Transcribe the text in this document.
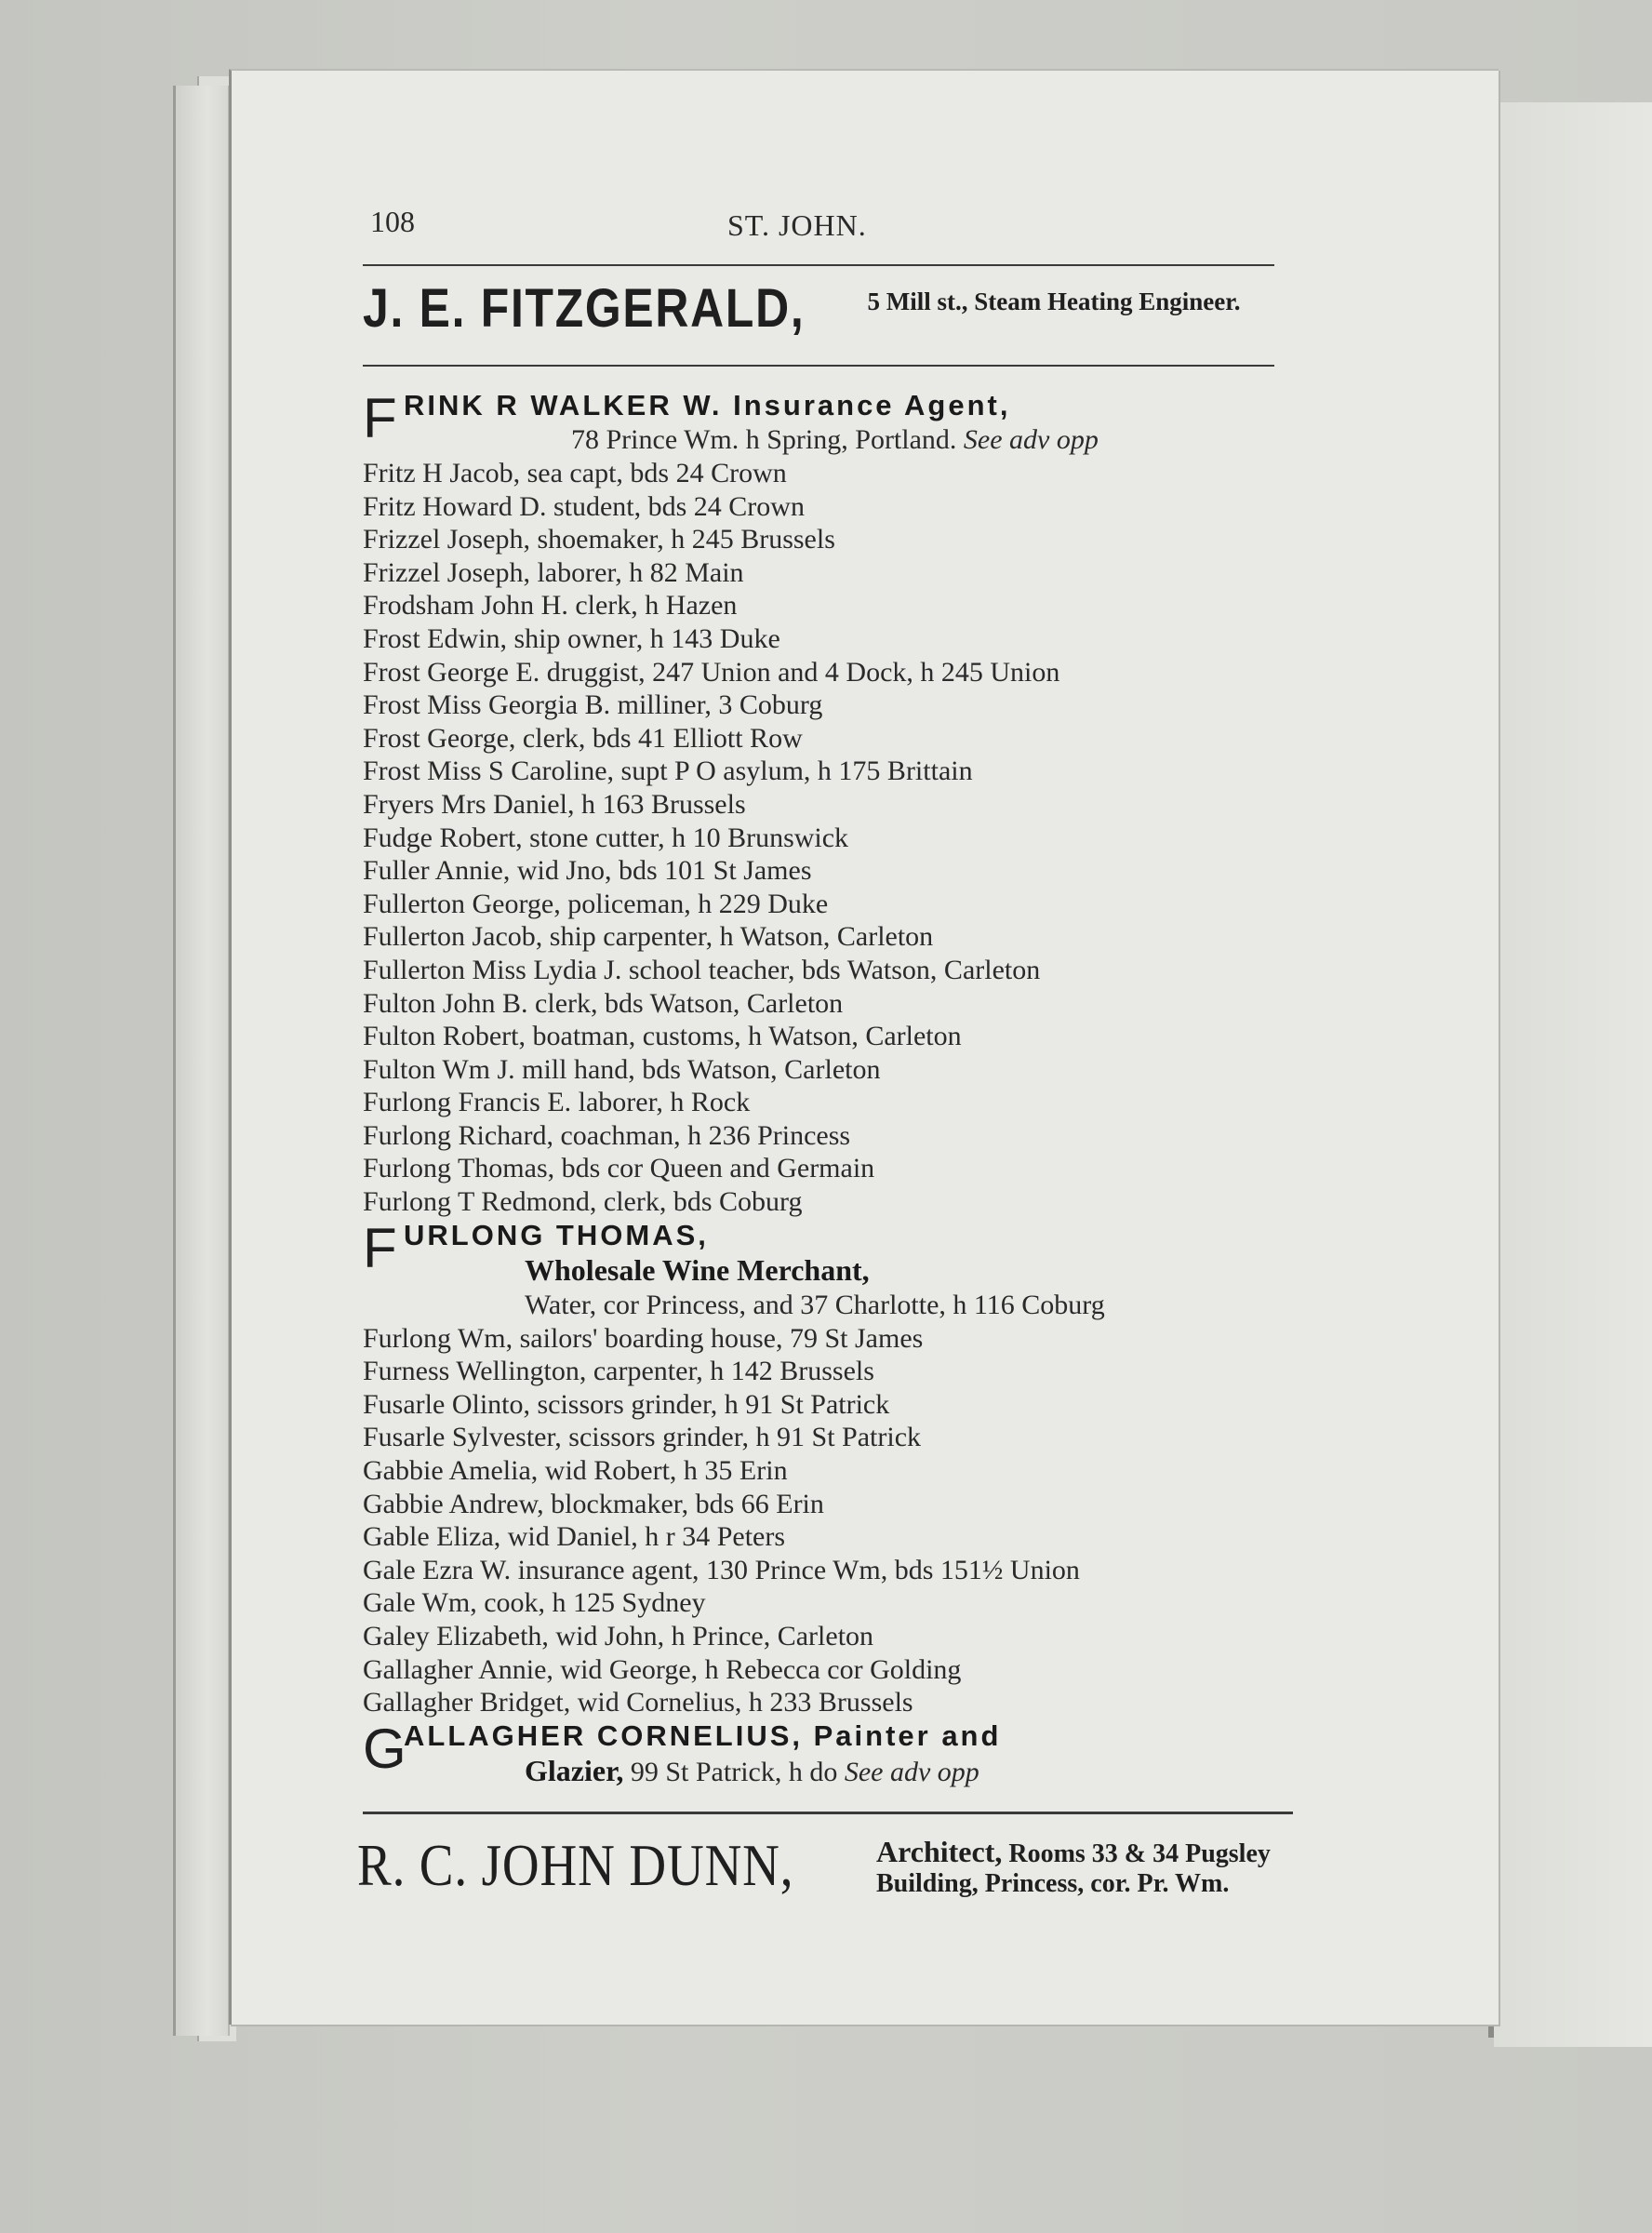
108	ST. JOHN.
J. E. FITZGERALD,	5 Mill st., Steam Heating Engineer.
F RINK R WALKER W. Insurance Agent,
78 Prince Wm. h Spring, Portland. See adv opp
Fritz H Jacob, sea capt, bds 24 Crown
Fritz Howard D. student, bds 24 Crown
Frizzel Joseph, shoemaker, h 245 Brussels
Frizzel Joseph, laborer, h 82 Main
Frodsham John H. clerk, h Hazen
Frost Edwin, ship owner, h 143 Duke
Frost George E. druggist, 247 Union and 4 Dock, h 245 Union
Frost Miss Georgia B. milliner, 3 Coburg
Frost George, clerk, bds 41 Elliott Row
Frost Miss S Caroline, supt P O asylum, h 175 Brittain
Fryers Mrs Daniel, h 163 Brussels
Fudge Robert, stone cutter, h 10 Brunswick
Fuller Annie, wid Jno, bds 101 St James
Fullerton George, policeman, h 229 Duke
Fullerton Jacob, ship carpenter, h Watson, Carleton
Fullerton Miss Lydia J. school teacher, bds Watson, Carleton
Fulton John B. clerk, bds Watson, Carleton
Fulton Robert, boatman, customs, h Watson, Carleton
Fulton Wm J. mill hand, bds Watson, Carleton
Furlong Francis E. laborer, h Rock
Furlong Richard, coachman, h 236 Princess
Furlong Thomas, bds cor Queen and Germain
Furlong T Redmond, clerk, bds Coburg
F URLONG THOMAS,
Wholesale Wine Merchant,
Water, cor Princess, and 37 Charlotte, h 116 Coburg
Furlong Wm, sailors' boarding house, 79 St James
Furness Wellington, carpenter, h 142 Brussels
Fusarle Olinto, scissors grinder, h 91 St Patrick
Fusarle Sylvester, scissors grinder, h 91 St Patrick
Gabbie Amelia, wid Robert, h 35 Erin
Gabbie Andrew, blockmaker, bds 66 Erin
Gable Eliza, wid Daniel, h r 34 Peters
Gale Ezra W. insurance agent, 130 Prince Wm, bds 151½ Union
Gale Wm, cook, h 125 Sydney
Galey Elizabeth, wid John, h Prince, Carleton
Gallagher Annie, wid George, h Rebecca cor Golding
Gallagher Bridget, wid Cornelius, h 233 Brussels
G
ALLAGHER CORNELIUS, Painter and
Glazier, 99 St Patrick, h do See adv opp
R. C. JOHN DUNN,	Architect, Rooms 33 & 34 Pugsley Building, Princess, cor. Pr. Wm.
